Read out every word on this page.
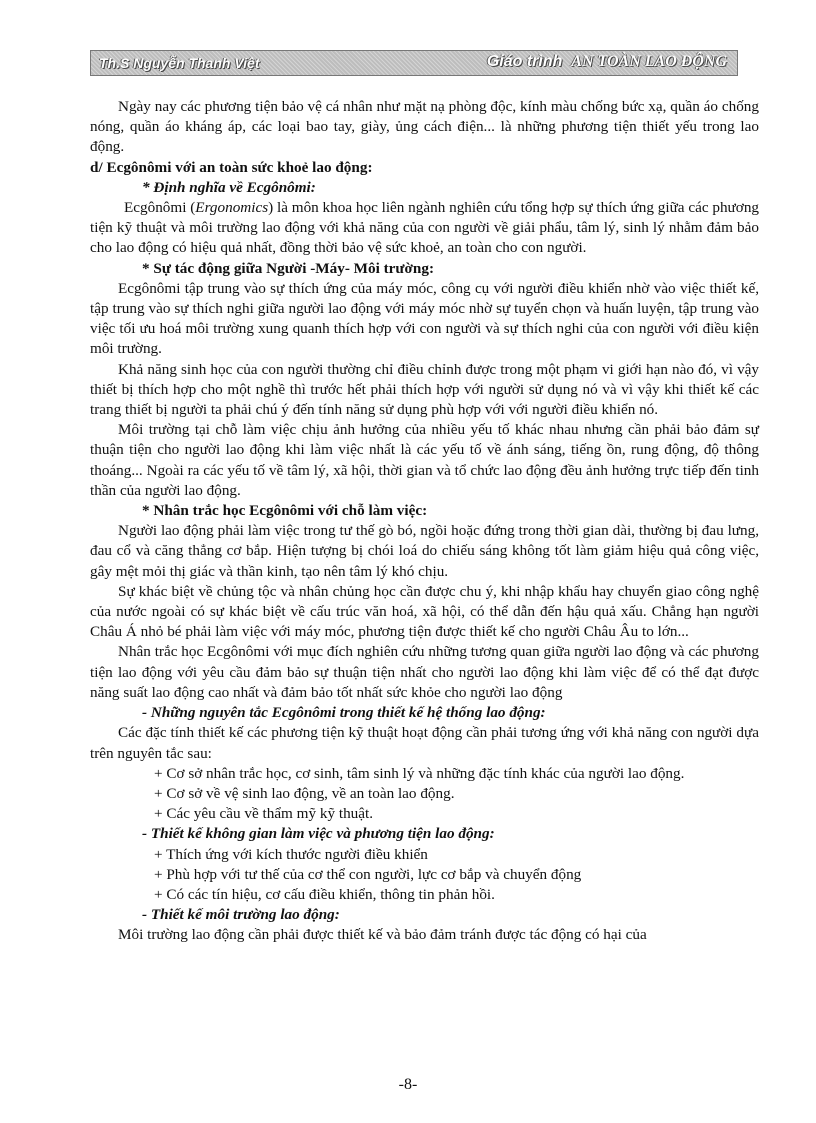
Th.S Nguyễn Thanh Việt	Giáo trình AN TOÀN LAO ĐỘNG

Ngày nay các phương tiện bảo vệ cá nhân như mặt nạ phòng độc, kính màu chống bức xạ, quần áo chống nóng, quần áo kháng áp, các loại bao tay, giày, ủng cách điện... là những phương tiện thiết yếu trong lao động.

d/ Ecgônômi với an toàn sức khoẻ lao động:

* Định nghĩa về Ecgônômi:

Ecgônômi (Ergonomics) là môn khoa học liên ngành nghiên cứu tổng hợp sự thích ứng giữa các phương tiện kỹ thuật và môi trường lao động với khả năng của con người về giải phẩu, tâm lý, sinh lý nhằm đảm bảo cho lao động có hiệu quả nhất, đồng thời bảo vệ sức khoẻ, an toàn cho con người.

* Sự tác động giữa Người -Máy- Môi trường:

Ecgônômi tập trung vào sự thích ứng của máy móc, công cụ với người điều khiển nhờ vào việc thiết kế, tập trung vào sự thích nghi giữa người lao động với máy móc nhờ sự tuyển chọn và huấn luyện, tập trung vào việc tối ưu hoá môi trường xung quanh thích hợp với con người và sự thích nghi của con người với điều kiện môi trường.

Khả năng sinh học của con người thường chỉ điều chỉnh được trong một phạm vi giới hạn nào đó, vì vậy thiết bị thích hợp cho một nghề thì trước hết phải thích hợp với người sử dụng nó và vì vậy khi thiết kế các trang thiết bị người ta phải chú ý đến tính năng sử dụng phù hợp với với người điều khiển nó.

Môi trường tại chỗ làm việc chịu ảnh hưởng của nhiều yếu tố khác nhau nhưng cần phải bảo đảm sự thuận tiện cho người lao động khi làm việc nhất là các yếu tố về ánh sáng, tiếng ồn, rung động, độ thông thoáng... Ngoài ra các yếu tố về tâm lý, xã hội, thời gian và tổ chức lao động đều ảnh hưởng trực tiếp đến tinh thần của người lao động.

* Nhân trắc học Ecgônômi với chỗ làm việc:

Người lao động phải làm việc trong tư thế gò bó, ngồi hoặc đứng trong thời gian dài, thường bị đau lưng, đau cổ và căng thẳng cơ bắp. Hiện tượng bị chói loá do chiếu sáng không tốt làm giảm hiệu quả công việc, gây mệt mỏi thị giác và thần kinh, tạo nên tâm lý khó chịu.

Sự khác biệt về chủng tộc và nhân chủng học cần được chu ý, khi nhập khẩu hay chuyển giao công nghệ của nước ngoài có sự khác biệt về cấu trúc văn hoá, xã hội, có thể dẫn đến hậu quả xấu. Chẳng hạn người Châu Á nhỏ bé phải làm việc với máy móc, phương tiện được thiết kế cho người Châu Âu to lớn...

Nhân trắc học Ecgônômi với mục đích nghiên cứu những tương quan giữa người lao động và các phương tiện lao động với yêu cầu đảm bảo sự thuận tiện nhất cho người lao động khi làm việc để có thể đạt được năng suất lao động cao nhất và đảm bảo tốt nhất sức khỏe cho người lao động

- Những nguyên tắc Ecgônômi trong thiết kế hệ thống lao động:

Các đặc tính thiết kế các phương tiện kỹ thuật hoạt động cần phải tương ứng với khả năng con người dựa trên nguyên tắc sau:

+ Cơ sở nhân trắc học, cơ sinh, tâm sinh lý và những đặc tính khác của người lao động.

+ Cơ sở về vệ sinh lao động, về an toàn lao động.

+ Các yêu cầu về thẩm mỹ kỹ thuật.

- Thiết kế không gian làm việc và phương tiện lao động:

+ Thích ứng với kích thước người điều khiển

+ Phù hợp với tư thế của cơ thể con người, lực cơ bắp và chuyển động

+ Có các tín hiệu, cơ cấu điều khiển, thông tin phản hồi.

- Thiết kế môi trường lao động:

Môi trường lao động cần phải được thiết kế và bảo đảm tránh được tác động có hại của

-8-
